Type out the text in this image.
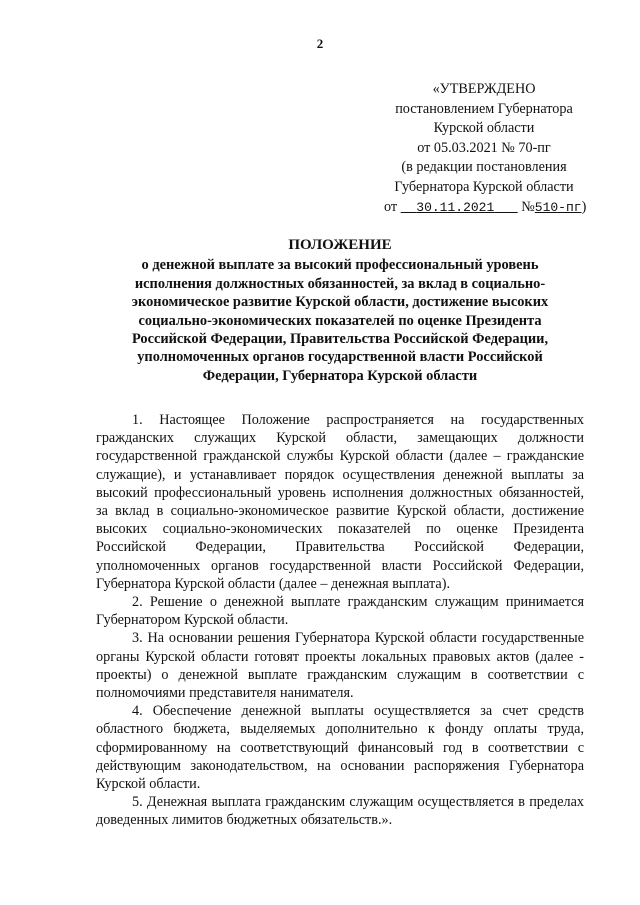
2
«УТВЕРЖДЕНО
постановлением Губернатора
Курской области
от 05.03.2021 № 70-пг
(в редакции постановления
Губернатора Курской области
от 30.11.2021 №510-пг)
ПОЛОЖЕНИЕ
о денежной выплате за высокий профессиональный уровень
исполнения должностных обязанностей, за вклад в социально-
экономическое развитие Курской области, достижение высоких
социально-экономических показателей по оценке Президента
Российской Федерации, Правительства Российской Федерации,
уполномоченных органов государственной власти Российской
Федерации, Губернатора Курской области

1. Настоящее Положение распространяется на государственных гражданских служащих Курской области, замещающих должности государственной гражданской службы Курской области (далее – гражданские служащие), и устанавливает порядок осуществления денежной выплаты за высокий профессиональный уровень исполнения должностных обязанностей, за вклад в социально-экономическое развитие Курской области, достижение высоких социально-экономических показателей по оценке Президента Российской Федерации, Правительства Российской Федерации, уполномоченных органов государственной власти Российской Федерации, Губернатора Курской области (далее – денежная выплата).

2. Решение о денежной выплате гражданским служащим принимается Губернатором Курской области.

3. На основании решения Губернатора Курской области государственные органы Курской области готовят проекты локальных правовых актов (далее - проекты) о денежной выплате гражданским служащим в соответствии с полномочиями представителя нанимателя.

4. Обеспечение денежной выплаты осуществляется за счет средств областного бюджета, выделяемых дополнительно к фонду оплаты труда, сформированному на соответствующий финансовый год в соответствии с действующим законодательством, на основании распоряжения Губернатора Курской области.

5. Денежная выплата гражданским служащим осуществляется в пределах доведенных лимитов бюджетных обязательств.».
